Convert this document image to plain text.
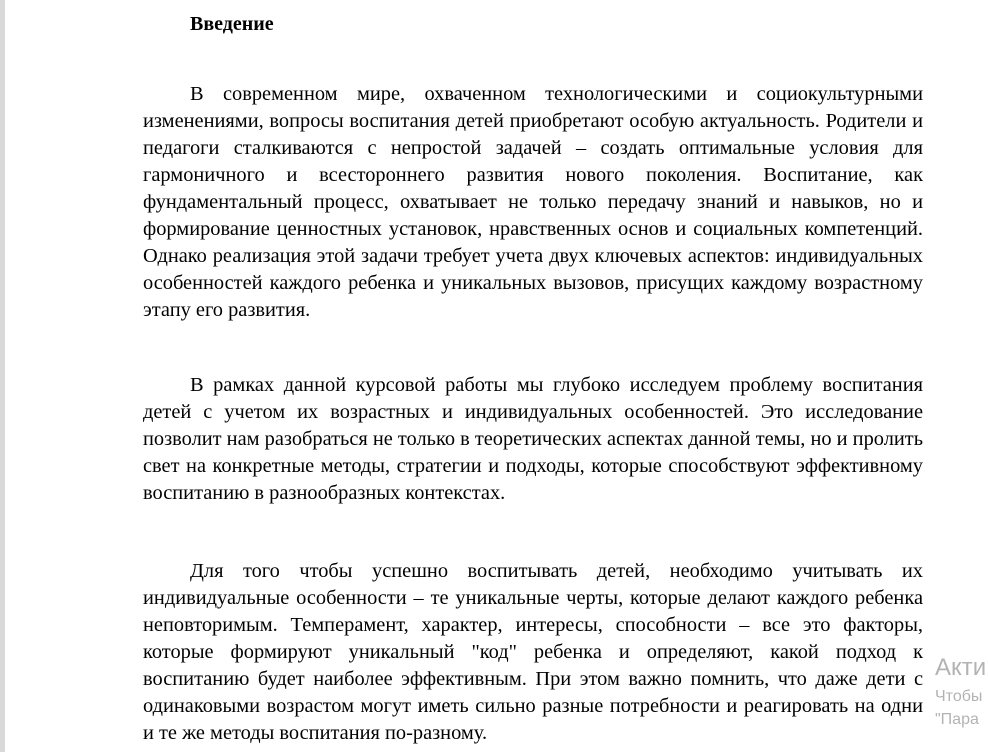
Введение

В современном мире, охваченном технологическими и социокультурными изменениями, вопросы воспитания детей приобретают особую актуальность. Родители и педагоги сталкиваются с непростой задачей – создать оптимальные условия для гармоничного и всестороннего развития нового поколения. Воспитание, как фундаментальный процесс, охватывает не только передачу знаний и навыков, но и формирование ценностных установок, нравственных основ и социальных компетенций. Однако реализация этой задачи требует учета двух ключевых аспектов: индивидуальных особенностей каждого ребенка и уникальных вызовов, присущих каждому возрастному этапу его развития.

В рамках данной курсовой работы мы глубоко исследуем проблему воспитания детей с учетом их возрастных и индивидуальных особенностей. Это исследование позволит нам разобраться не только в теоретических аспектах данной темы, но и пролить свет на конкретные методы, стратегии и подходы, которые способствуют эффективному воспитанию в разнообразных контекстах.

Для того чтобы успешно воспитывать детей, необходимо учитывать их индивидуальные особенности – те уникальные черты, которые делают каждого ребенка неповторимым. Темперамент, характер, интересы, способности – все это факторы, которые формируют уникальный "код" ребенка и определяют, какой подход к воспитанию будет наиболее эффективным. При этом важно помнить, что даже дети с одинаковыми возрастом могут иметь сильно разные потребности и реагировать на одни и те же методы воспитания по-разному.

Акти
Чтобы
"Пара
